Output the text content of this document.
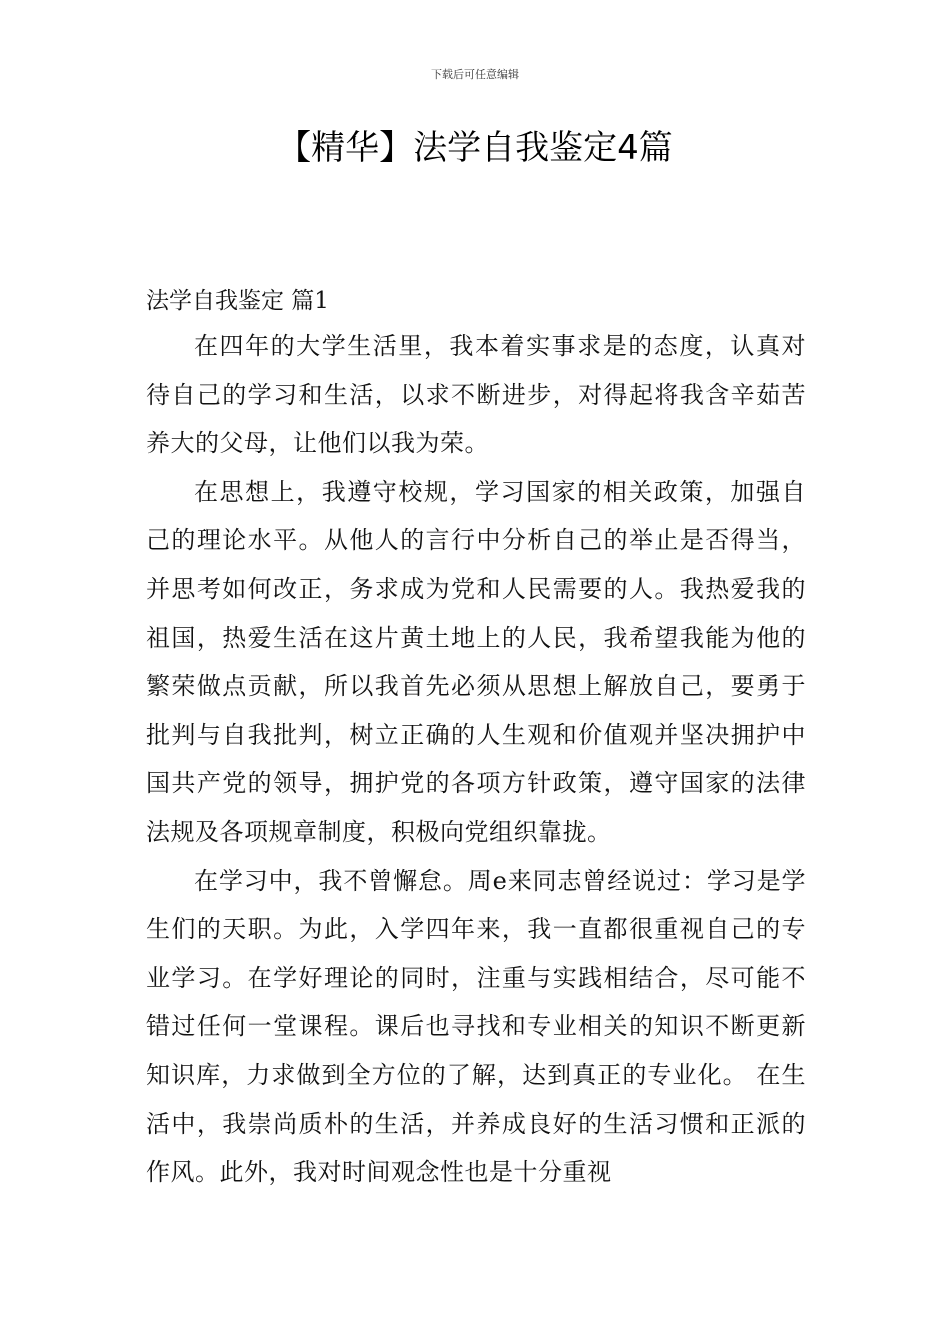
下载后可任意编辑
【精华】法学自我鉴定4篇
法学自我鉴定 篇1

在四年的大学生活里，我本着实事求是的态度，认真对待自己的学习和生活，以求不断进步，对得起将我含辛茹苦养大的父母，让他们以我为荣。

在思想上，我遵守校规，学习国家的相关政策，加强自己的理论水平。从他人的言行中分析自己的举止是否得当，并思考如何改正，务求成为党和人民需要的人。我热爱我的祖国，热爱生活在这片黄土地上的人民，我希望我能为他的繁荣做点贡献，所以我首先必须从思想上解放自己，要勇于批判与自我批判，树立正确的人生观和价值观并坚决拥护中国共产党的领导，拥护党的各项方针政策，遵守国家的法律法规及各项规章制度，积极向党组织靠拢。

在学习中，我不曾懈怠。周e来同志曾经说过：学习是学生们的天职。为此，入学四年来，我一直都很重视自己的专业学习。在学好理论的同时，注重与实践相结合，尽可能不错过任何一堂课程。课后也寻找和专业相关的知识不断更新知识库，力求做到全方位的了解，达到真正的专业化。 在生活中，我崇尚质朴的生活，并养成良好的生活习惯和正派的作风。此外，我对时间观念性也是十分重视
